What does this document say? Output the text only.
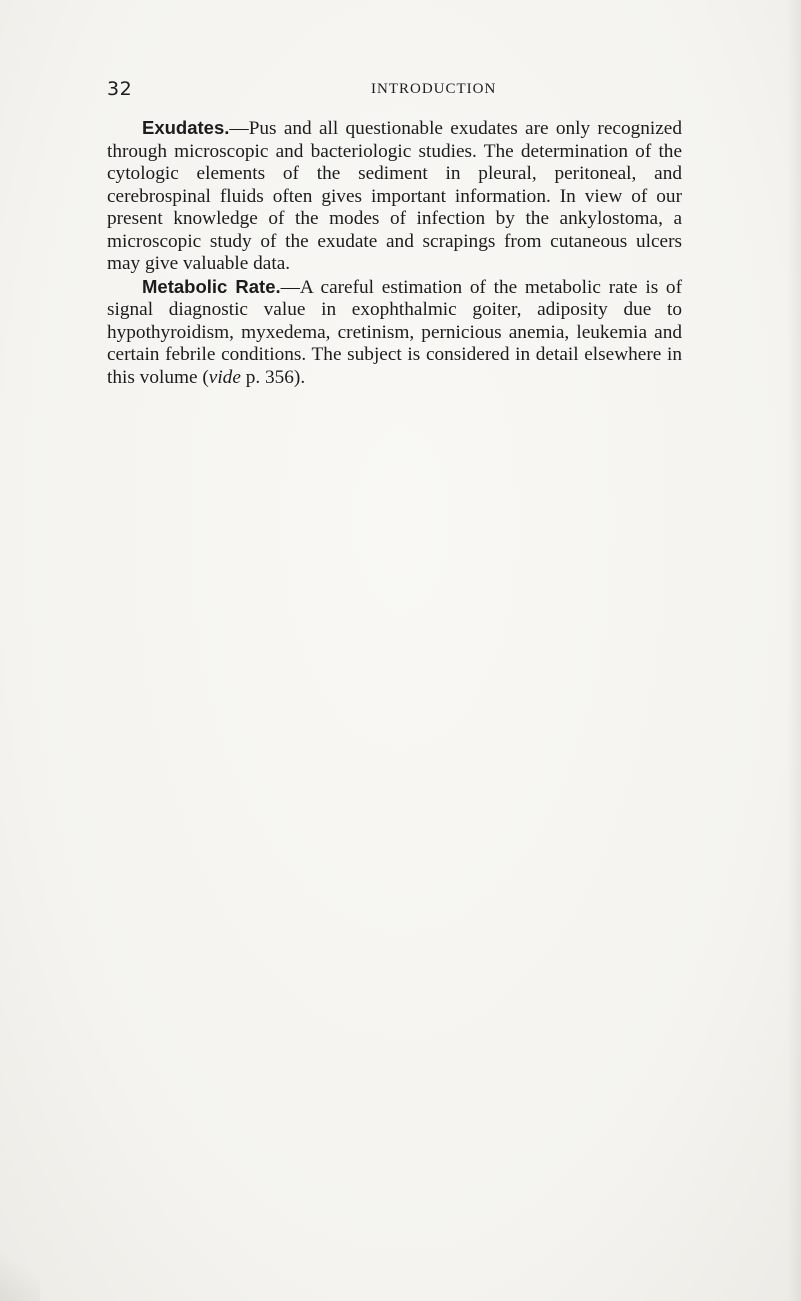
32	INTRODUCTION

Exudates.—Pus and all questionable exudates are only recognized through microscopic and bacteriologic studies. The determination of the cytologic elements of the sediment in pleural, peritoneal, and cerebrospinal fluids often gives important information. In view of our present knowledge of the modes of infection by the ankylostoma, a microscopic study of the exudate and scrapings from cutaneous ulcers may give valuable data.

Metabolic Rate.—A careful estimation of the metabolic rate is of signal diagnostic value in exophthalmic goiter, adiposity due to hypothyroidism, myxedema, cretinism, pernicious anemia, leukemia and certain febrile conditions. The subject is considered in detail elsewhere in this volume (vide p. 356).
